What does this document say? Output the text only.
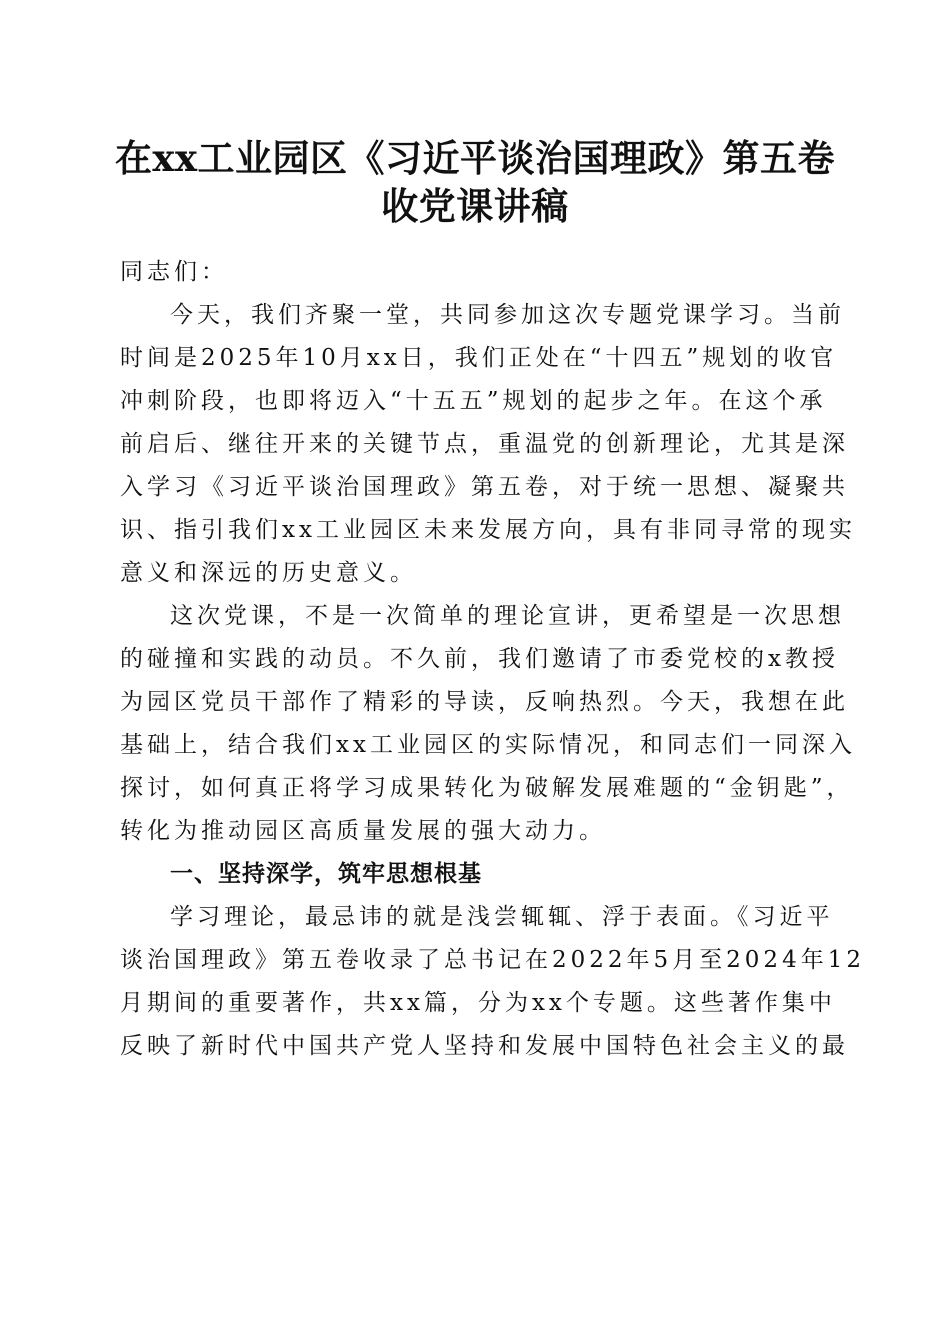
在xx工业园区《习近平谈治国理政》第五卷
收党课讲稿
同志们：
今天，我们齐聚一堂，共同参加这次专题党课学习。当前
时间是2025年10月xx日，我们正处在“十四五”规划的收官
冲刺阶段，也即将迈入“十五五”规划的起步之年。在这个承
前启后、继往开来的关键节点，重温党的创新理论，尤其是深
入学习《习近平谈治国理政》第五卷，对于统一思想、凝聚共
识、指引我们xx工业园区未来发展方向，具有非同寻常的现实
意义和深远的历史意义。
这次党课，不是一次简单的理论宣讲，更希望是一次思想
的碰撞和实践的动员。不久前，我们邀请了市委党校的x教授
为园区党员干部作了精彩的导读，反响热烈。今天，我想在此
基础上，结合我们xx工业园区的实际情况，和同志们一同深入
探讨，如何真正将学习成果转化为破解发展难题的“金钥匙”，
转化为推动园区高质量发展的强大动力。
一、坚持深学，筑牢思想根基
学习理论，最忌讳的就是浅尝辄辄、浮于表面。《习近平
谈治国理政》第五卷收录了总书记在2022年5月至2024年12
月期间的重要著作，共xx篇，分为xx个专题。这些著作集中
反映了新时代中国共产党人坚持和发展中国特色社会主义的最
